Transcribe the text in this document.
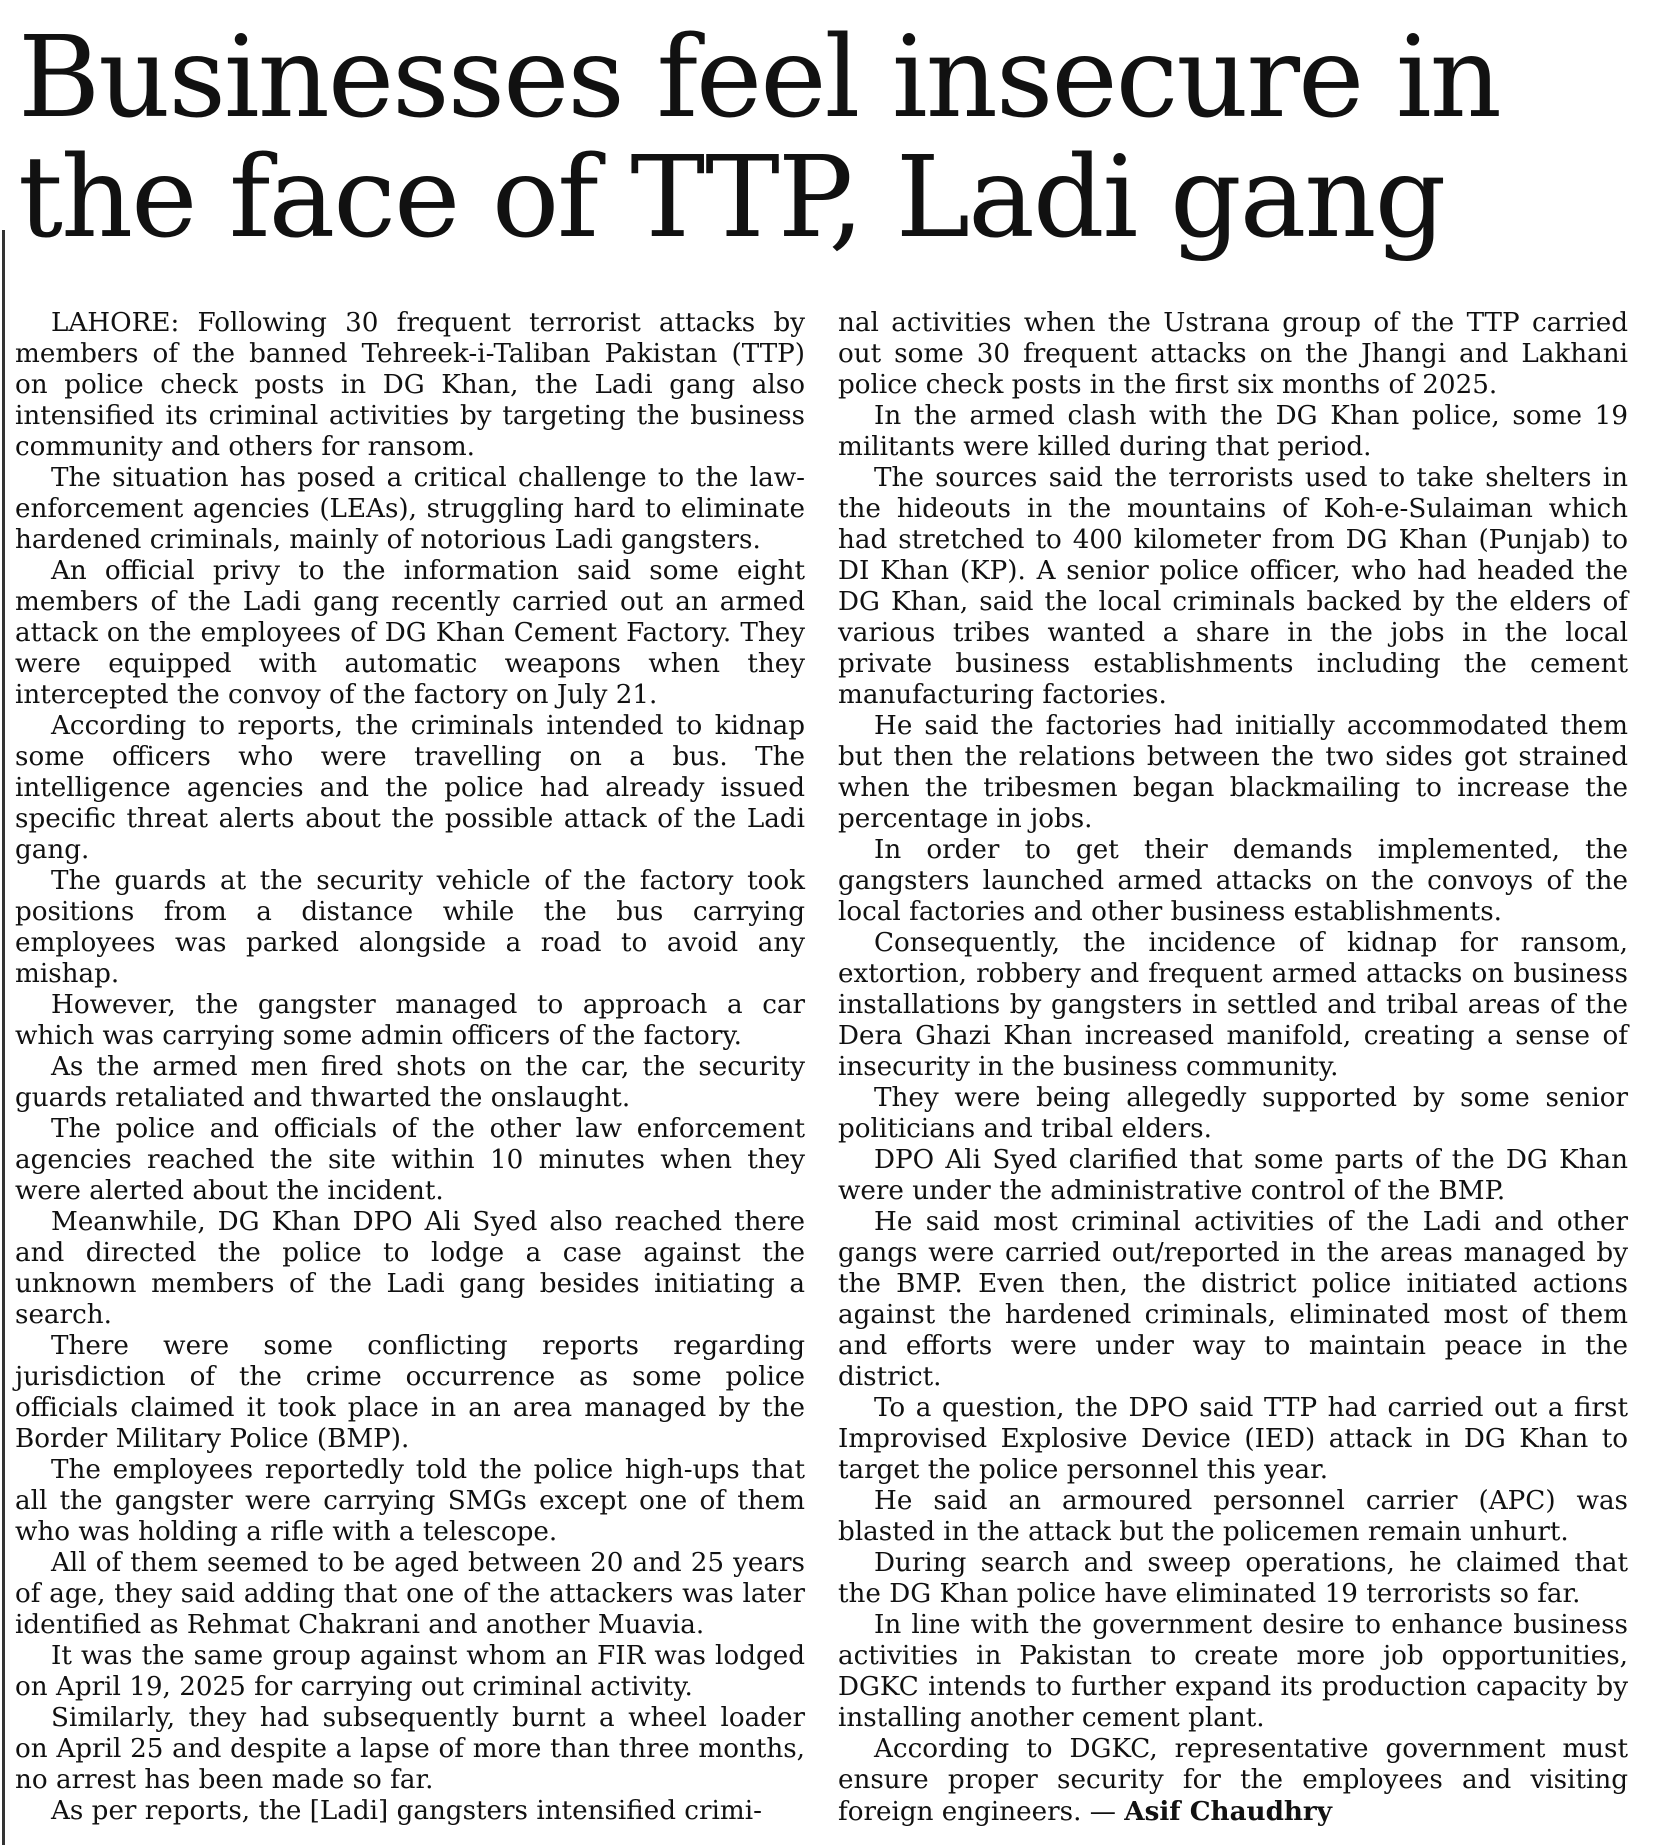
Businesses feel insecure in the face of TTP, Ladi gang

LAHORE: Following 30 frequent terrorist attacks by members of the banned Tehreek-i-Taliban Pakistan (TTP) on police check posts in DG Khan, the Ladi gang also intensified its criminal activities by targeting the business community and others for ransom.

The situation has posed a critical challenge to the law-enforcement agencies (LEAs), struggling hard to eliminate hardened criminals, mainly of notorious Ladi gangsters.

An official privy to the information said some eight members of the Ladi gang recently carried out an armed attack on the employees of DG Khan Cement Factory. They were equipped with automatic weapons when they intercepted the convoy of the factory on July 21.

According to reports, the criminals intended to kidnap some officers who were travelling on a bus. The intelligence agencies and the police had already issued specific threat alerts about the possible attack of the Ladi gang.

The guards at the security vehicle of the factory took positions from a distance while the bus carrying employees was parked alongside a road to avoid any mishap.

However, the gangster managed to approach a car which was carrying some admin officers of the factory.

As the armed men fired shots on the car, the security guards retaliated and thwarted the onslaught.

The police and officials of the other law enforcement agencies reached the site within 10 minutes when they were alerted about the incident.

Meanwhile, DG Khan DPO Ali Syed also reached there and directed the police to lodge a case against the unknown members of the Ladi gang besides initiating a search.

There were some conflicting reports regarding jurisdiction of the crime occurrence as some police officials claimed it took place in an area managed by the Border Military Police (BMP).

The employees reportedly told the police high-ups that all the gangster were carrying SMGs except one of them who was holding a rifle with a telescope.

All of them seemed to be aged between 20 and 25 years of age, they said adding that one of the attackers was later identified as Rehmat Chakrani and another Muavia.

It was the same group against whom an FIR was lodged on April 19, 2025 for carrying out criminal activity.

Similarly, they had subsequently burnt a wheel loader on April 25 and despite a lapse of more than three months, no arrest has been made so far.

As per reports, the [Ladi] gangsters intensified crimi-

nal activities when the Ustrana group of the TTP carried out some 30 frequent attacks on the Jhangi and Lakhani police check posts in the first six months of 2025.

In the armed clash with the DG Khan police, some 19 militants were killed during that period.

The sources said the terrorists used to take shelters in the hideouts in the mountains of Koh-e-Sulaiman which had stretched to 400 kilometer from DG Khan (Punjab) to DI Khan (KP). A senior police officer, who had headed the DG Khan, said the local criminals backed by the elders of various tribes wanted a share in the jobs in the local private business establishments including the cement manufacturing factories.

He said the factories had initially accommodated them but then the relations between the two sides got strained when the tribesmen began blackmailing to increase the percentage in jobs.

In order to get their demands implemented, the gangsters launched armed attacks on the convoys of the local factories and other business establishments.

Consequently, the incidence of kidnap for ransom, extortion, robbery and frequent armed attacks on business installations by gangsters in settled and tribal areas of the Dera Ghazi Khan increased manifold, creating a sense of insecurity in the business community.

They were being allegedly supported by some senior politicians and tribal elders.

DPO Ali Syed clarified that some parts of the DG Khan were under the administrative control of the BMP.

He said most criminal activities of the Ladi and other gangs were carried out/reported in the areas managed by the BMP. Even then, the district police initiated actions against the hardened criminals, eliminated most of them and efforts were under way to maintain peace in the district.

To a question, the DPO said TTP had carried out a first Improvised Explosive Device (IED) attack in DG Khan to target the police personnel this year.

He said an armoured personnel carrier (APC) was blasted in the attack but the policemen remain unhurt.

During search and sweep operations, he claimed that the DG Khan police have eliminated 19 terrorists so far.

In line with the government desire to enhance business activities in Pakistan to create more job opportunities, DGKC intends to further expand its production capacity by installing another cement plant.

According to DGKC, representative government must ensure proper security for the employees and visiting foreign engineers. — Asif Chaudhry
